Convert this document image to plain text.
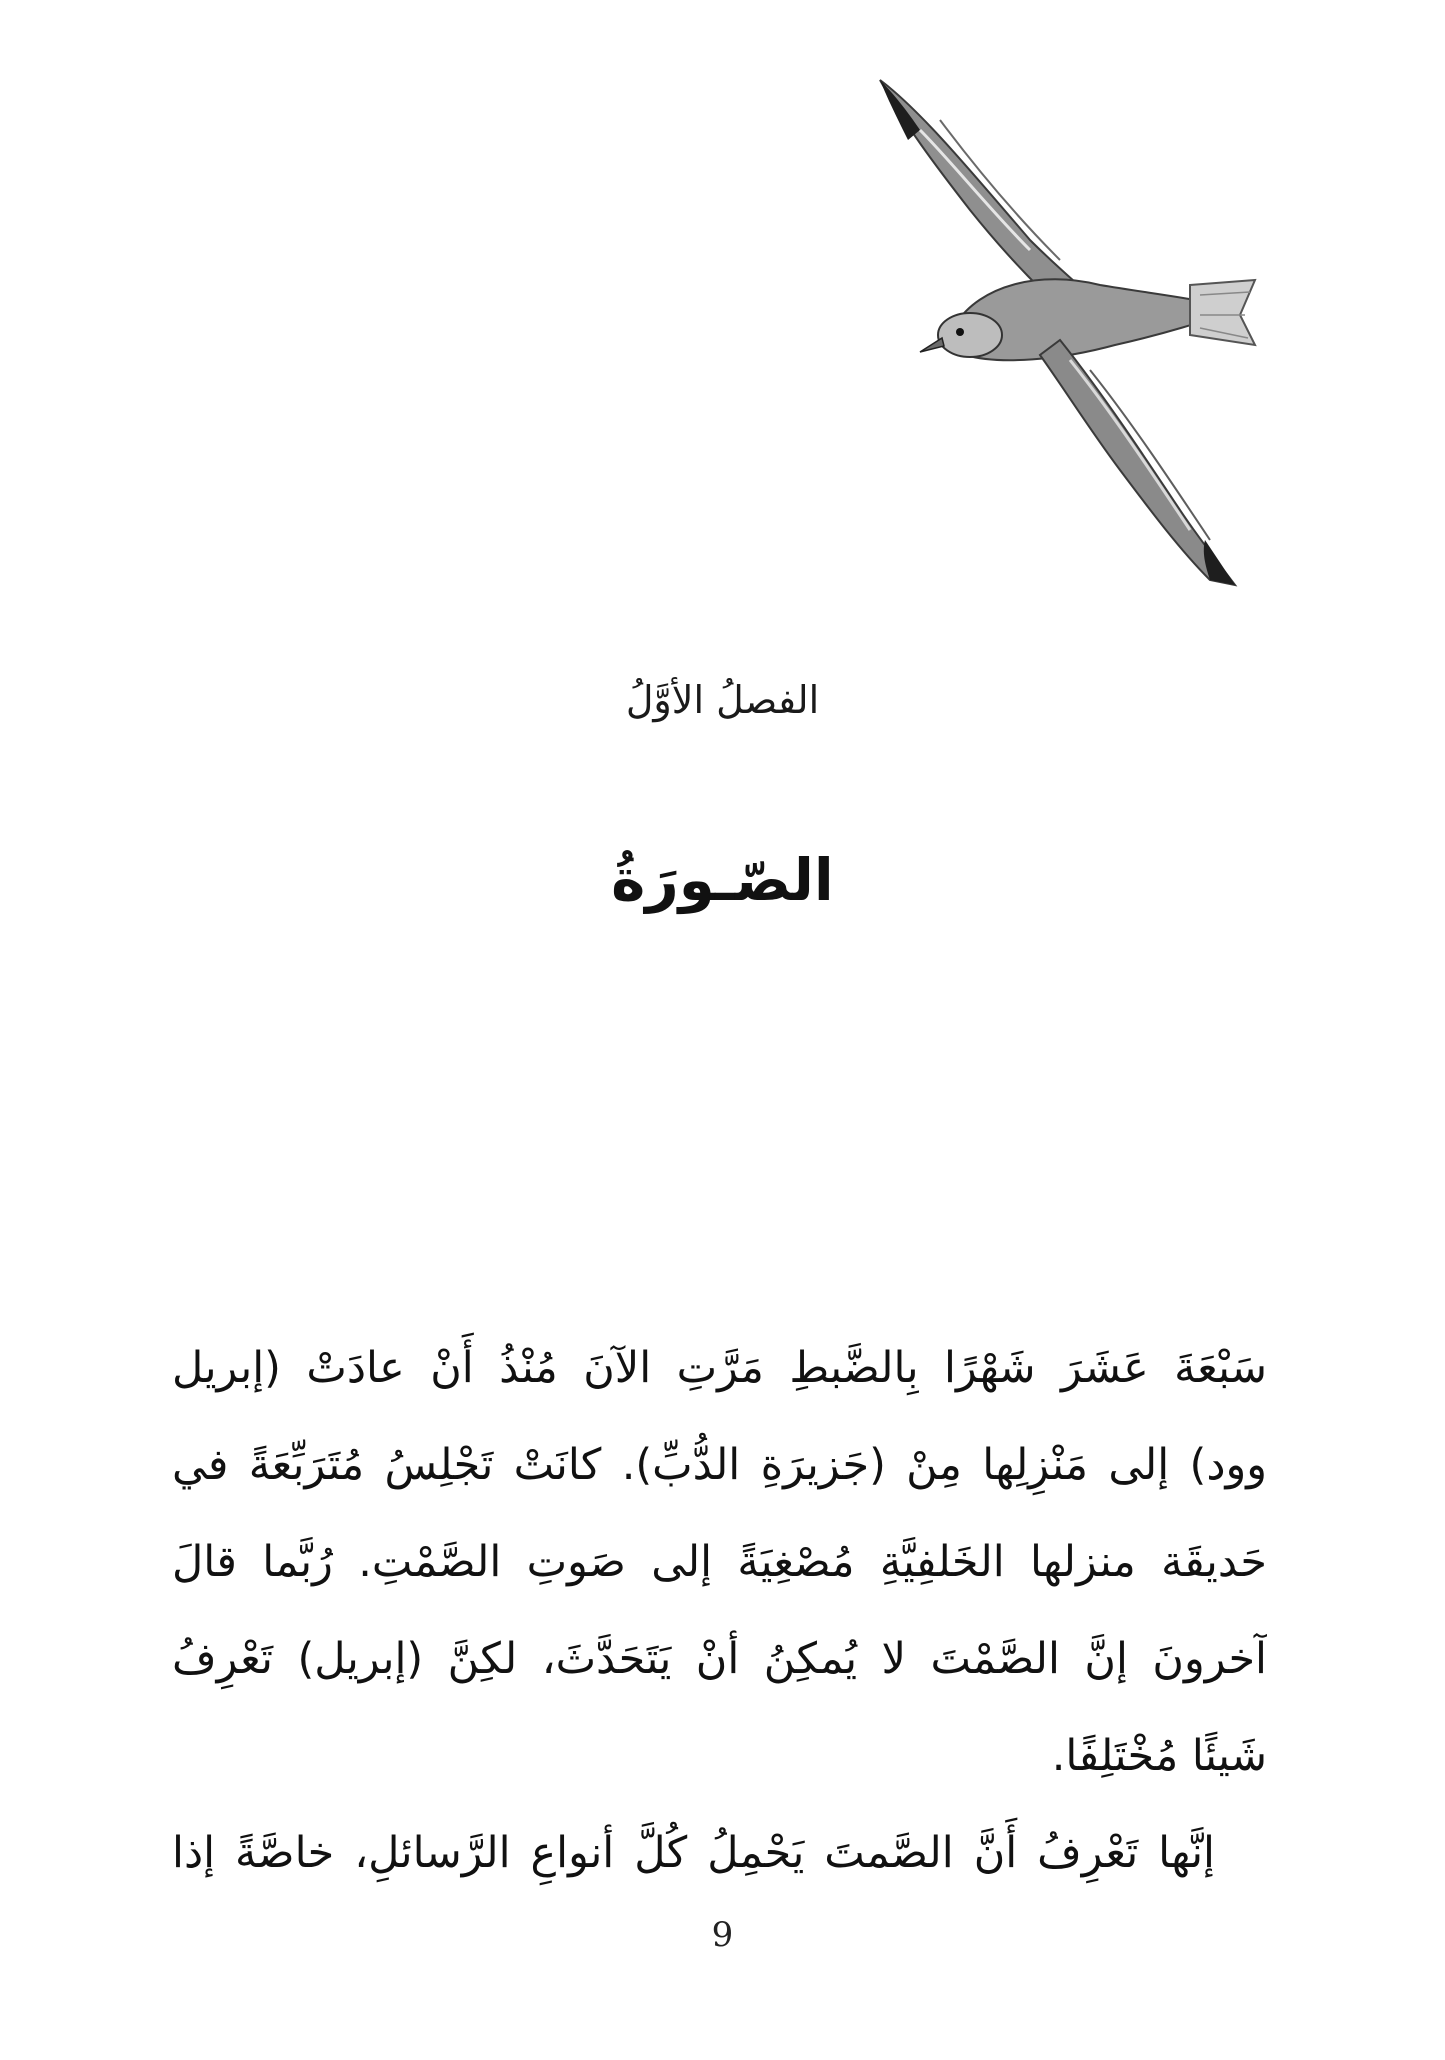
الفصلُ الأوَّلُ
الصّـورَةُ
سَبْعَةَ عَشَرَ شَهْرًا بِالضَّبطِ مَرَّتِ الآنَ مُنْذُ أَنْ عادَتْ (إبريل
وود) إلى مَنْزِلِها مِنْ (جَزيرَةِ الدُّبِّ). كانَتْ تَجْلِسُ مُتَرَبِّعَةً في
حَديقَة منزلها الخَلفِيَّةِ مُصْغِيَةً إلى صَوتِ الصَّمْتِ. رُبَّما قالَ
آخرونَ إنَّ الصَّمْتَ لا يُمكِنُ أنْ يَتَحَدَّثَ، لكِنَّ (إبريل) تَعْرِفُ
شَيئًا مُخْتَلِفًا.
إنَّها تَعْرِفُ أَنَّ الصَّمتَ يَحْمِلُ كُلَّ أنواعِ الرَّسائلِ، خاصَّةً إذا
9
